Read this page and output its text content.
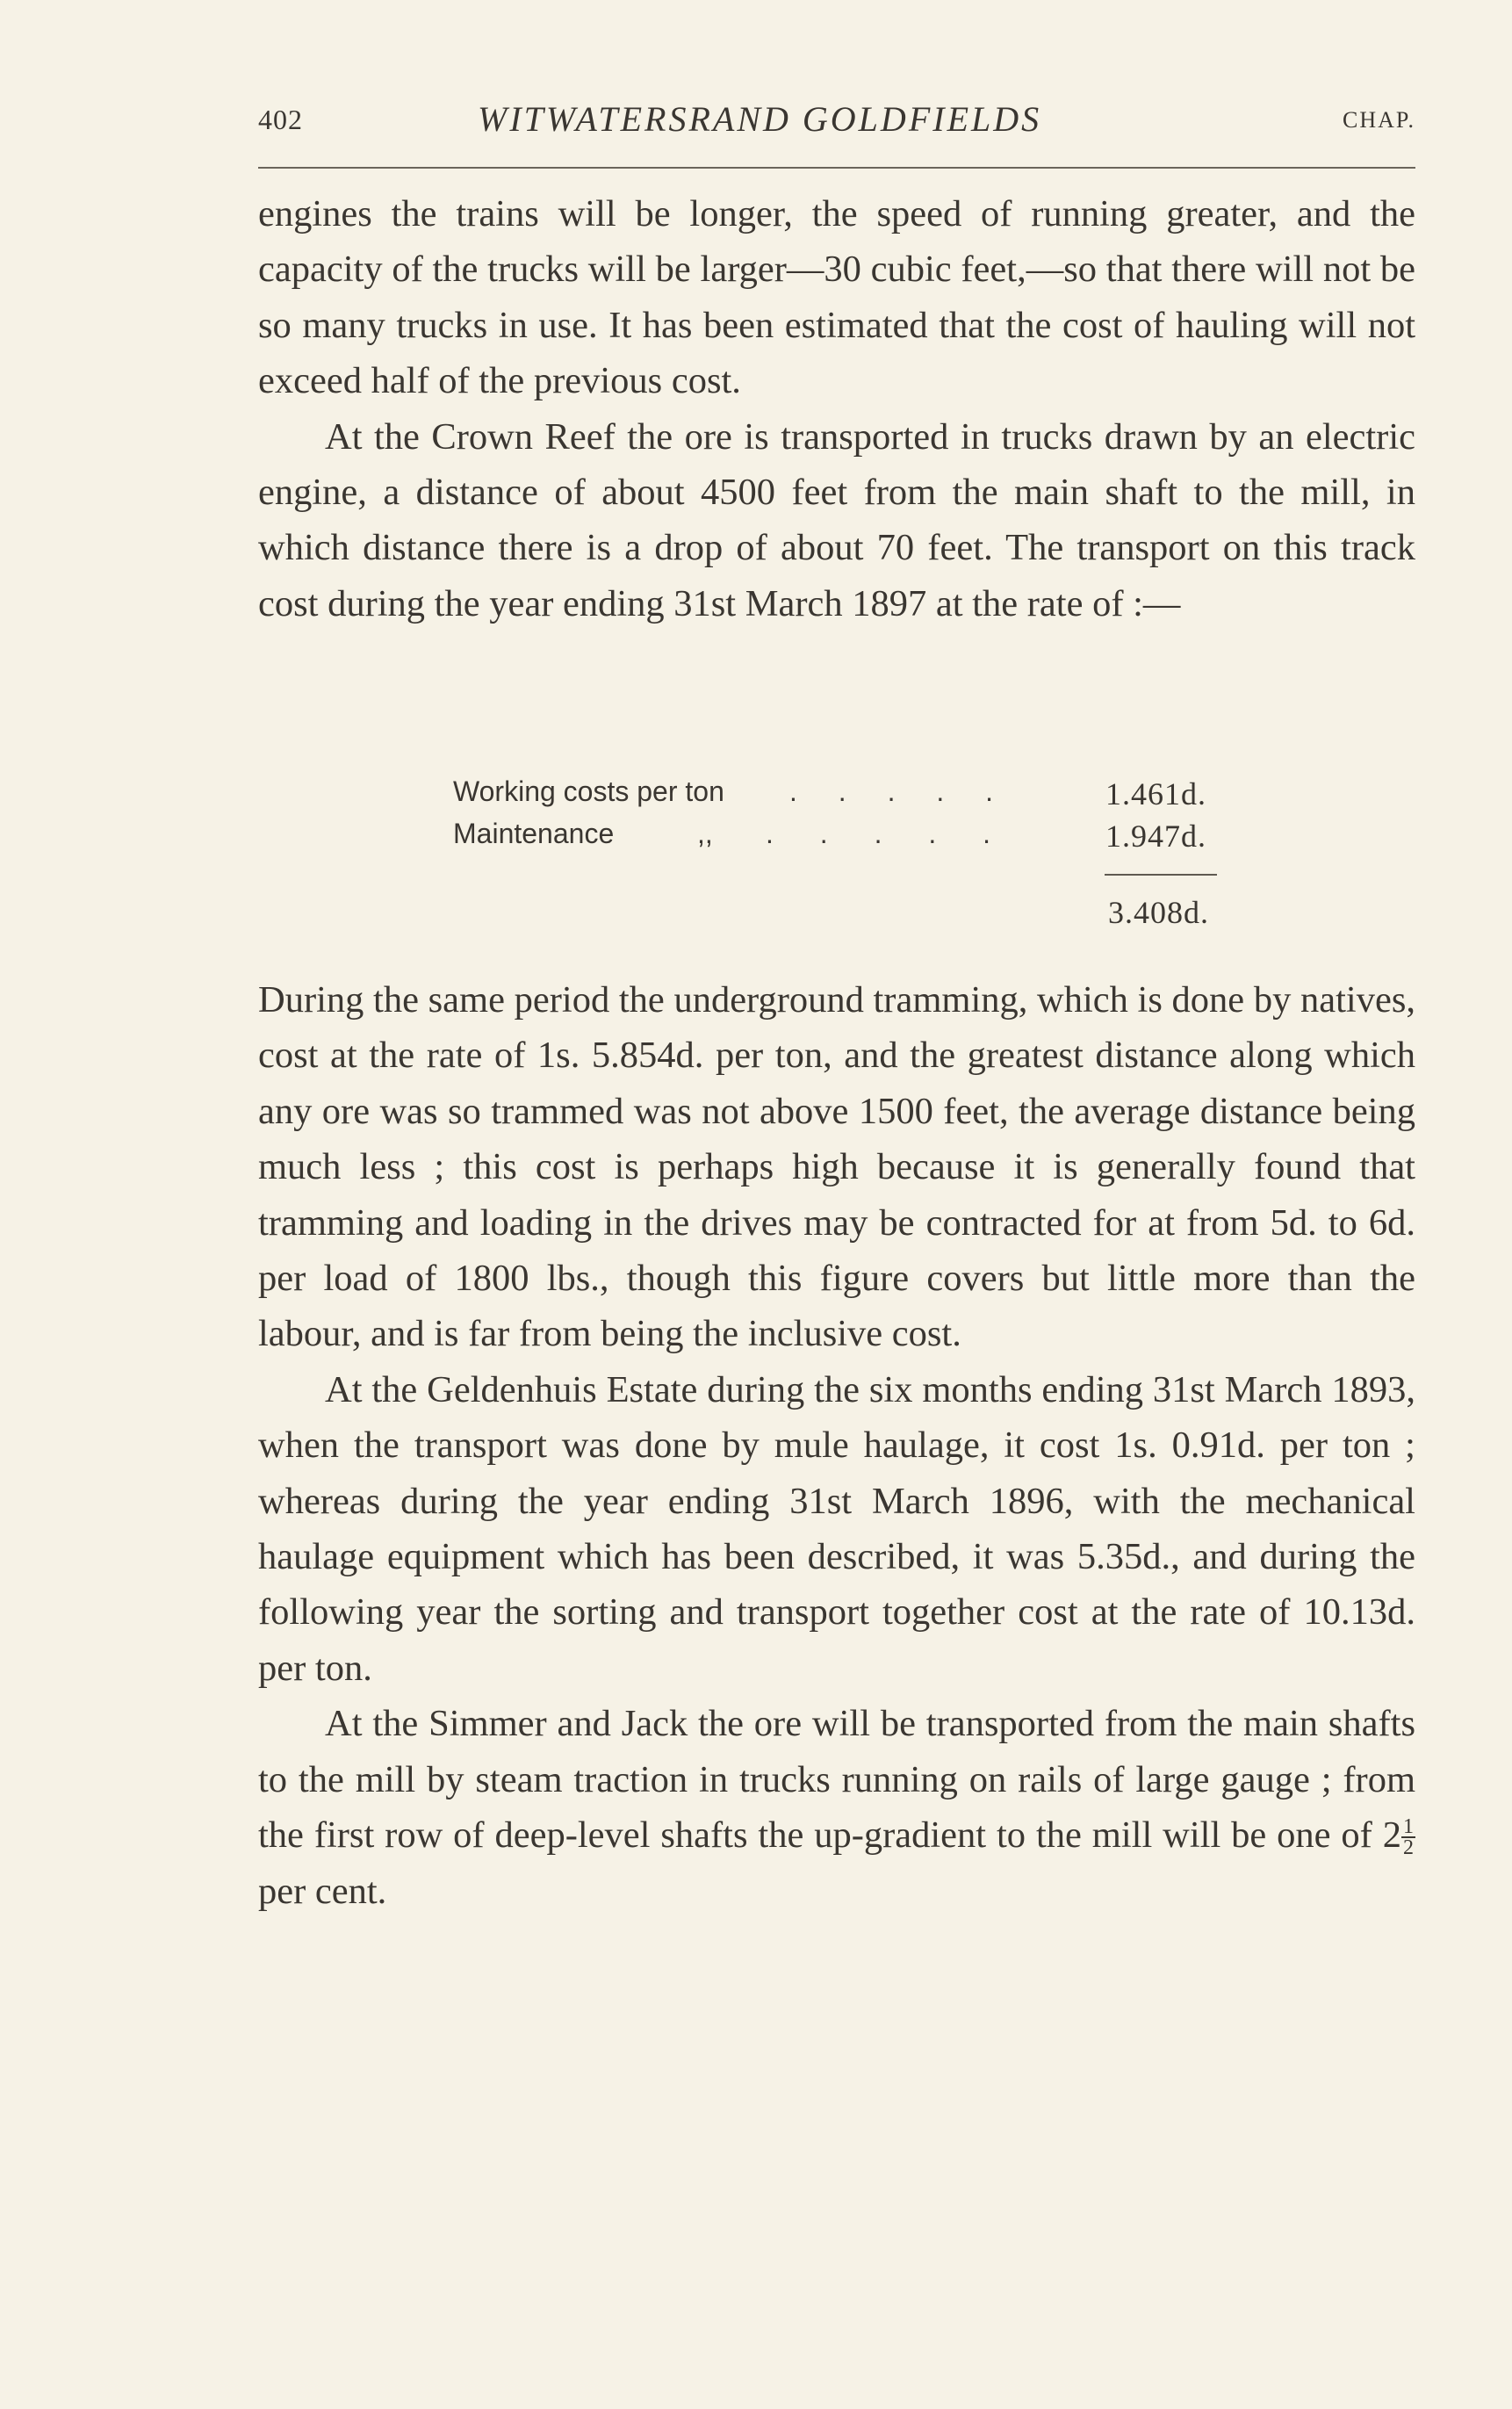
402	WITWATERSRAND GOLDFIELDS	CHAP.

engines the trains will be longer, the speed of running greater, and the capacity of the trucks will be larger—30 cubic feet,—so that there will not be so many trucks in use. It has been estimated that the cost of hauling will not exceed half of the previous cost.

At the Crown Reef the ore is transported in trucks drawn by an electric engine, a distance of about 4500 feet from the main shaft to the mill, in which distance there is a drop of about 70 feet. The transport on this track cost during the year ending 31st March 1897 at the rate of :—

Working costs per ton . . . . .	1.461d.
Maintenance	,, . . . . .	1.947d.
3.408d.

During the same period the underground tramming, which is done by natives, cost at the rate of 1s. 5.854d. per ton, and the greatest distance along which any ore was so trammed was not above 1500 feet, the average distance being much less ; this cost is perhaps high because it is generally found that tramming and loading in the drives may be contracted for at from 5d. to 6d. per load of 1800 lbs., though this figure covers but little more than the labour, and is far from being the inclusive cost.

At the Geldenhuis Estate during the six months ending 31st March 1893, when the transport was done by mule haulage, it cost 1s. 0.91d. per ton ; whereas during the year ending 31st March 1896, with the mechanical haulage equipment which has been described, it was 5.35d., and during the following year the sorting and transport together cost at the rate of 10.13d. per ton.

At the Simmer and Jack the ore will be transported from the main shafts to the mill by steam traction in trucks running on rails of large gauge ; from the first row of deep-level shafts the up-gradient to the mill will be one of $2 \frac{1}{2}$
per cent.
